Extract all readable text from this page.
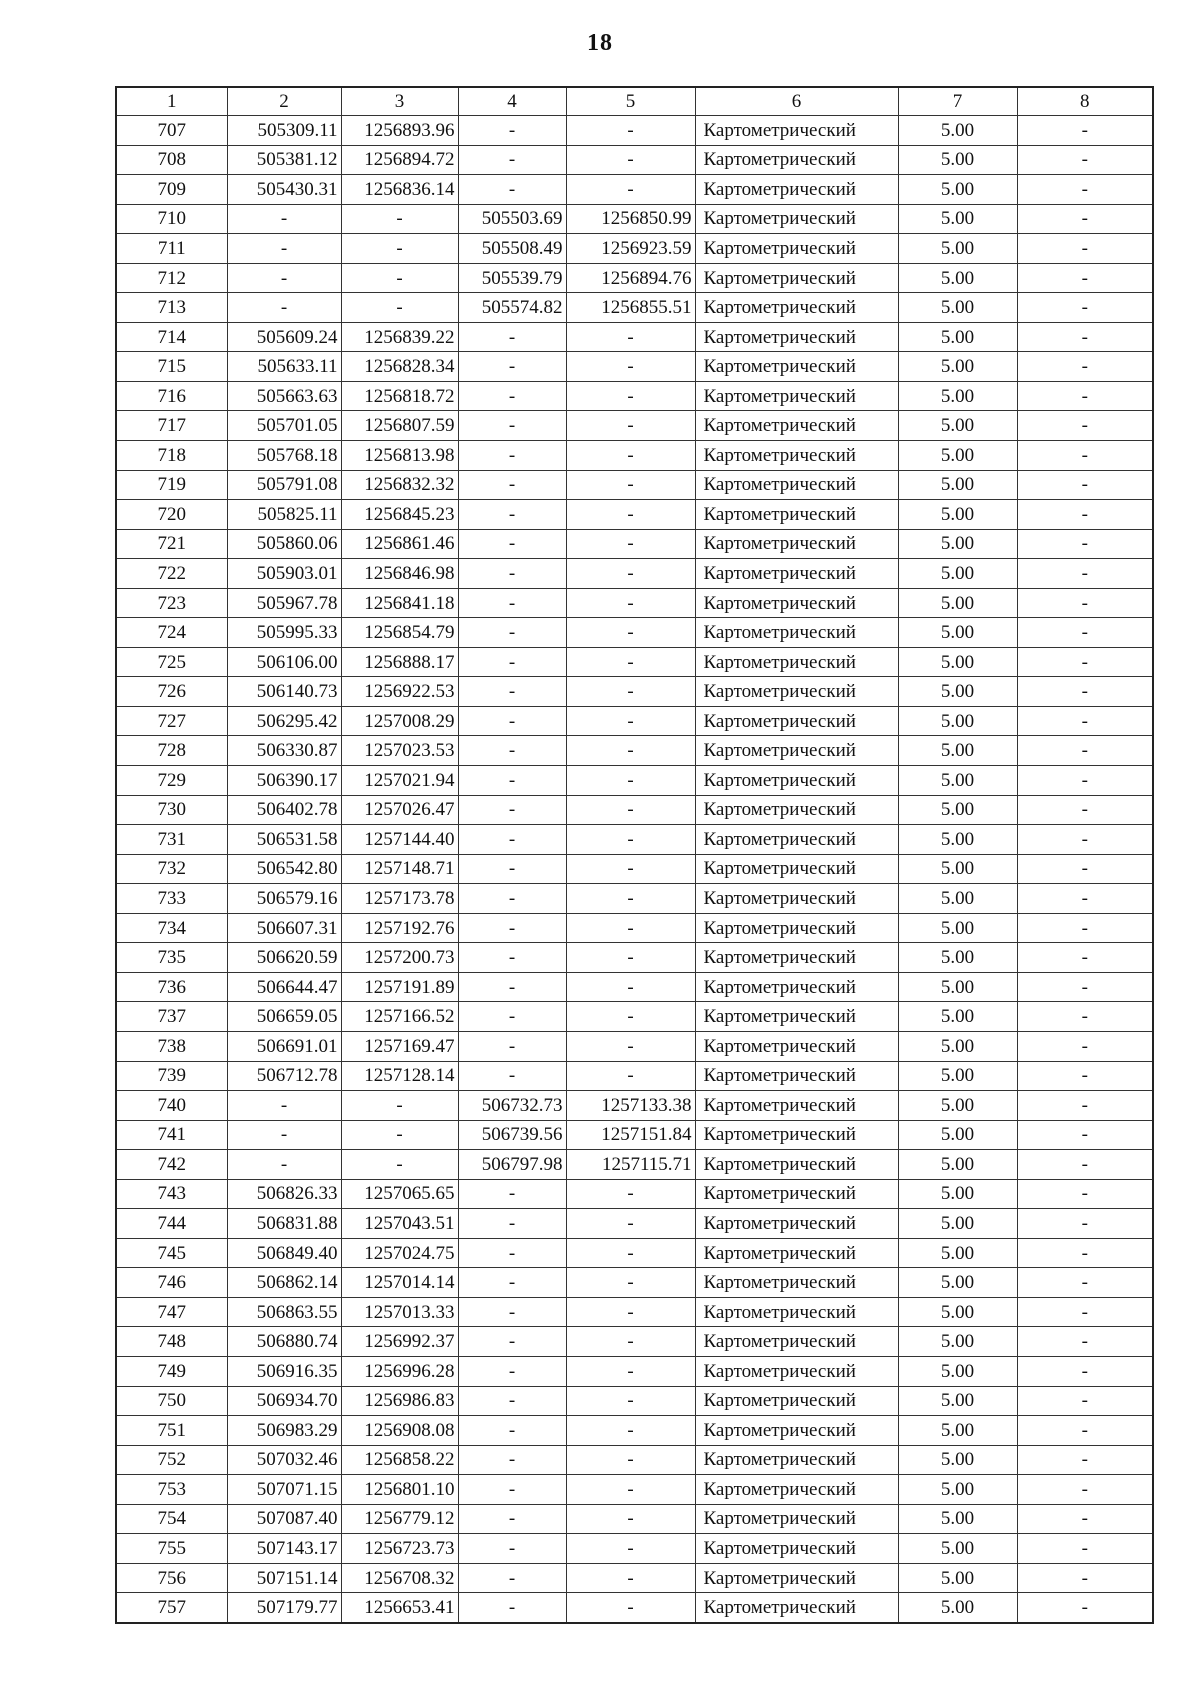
18
1	2	3	4	5	6	7	8
707	505309.11	1256893.96	-	-	Картометрический	5.00	-
708	505381.12	1256894.72	-	-	Картометрический	5.00	-
709	505430.31	1256836.14	-	-	Картометрический	5.00	-
710	-	-	505503.69	1256850.99	Картометрический	5.00	-
711	-	-	505508.49	1256923.59	Картометрический	5.00	-
712	-	-	505539.79	1256894.76	Картометрический	5.00	-
713	-	-	505574.82	1256855.51	Картометрический	5.00	-
714	505609.24	1256839.22	-	-	Картометрический	5.00	-
715	505633.11	1256828.34	-	-	Картометрический	5.00	-
716	505663.63	1256818.72	-	-	Картометрический	5.00	-
717	505701.05	1256807.59	-	-	Картометрический	5.00	-
718	505768.18	1256813.98	-	-	Картометрический	5.00	-
719	505791.08	1256832.32	-	-	Картометрический	5.00	-
720	505825.11	1256845.23	-	-	Картометрический	5.00	-
721	505860.06	1256861.46	-	-	Картометрический	5.00	-
722	505903.01	1256846.98	-	-	Картометрический	5.00	-
723	505967.78	1256841.18	-	-	Картометрический	5.00	-
724	505995.33	1256854.79	-	-	Картометрический	5.00	-
725	506106.00	1256888.17	-	-	Картометрический	5.00	-
726	506140.73	1256922.53	-	-	Картометрический	5.00	-
727	506295.42	1257008.29	-	-	Картометрический	5.00	-
728	506330.87	1257023.53	-	-	Картометрический	5.00	-
729	506390.17	1257021.94	-	-	Картометрический	5.00	-
730	506402.78	1257026.47	-	-	Картометрический	5.00	-
731	506531.58	1257144.40	-	-	Картометрический	5.00	-
732	506542.80	1257148.71	-	-	Картометрический	5.00	-
733	506579.16	1257173.78	-	-	Картометрический	5.00	-
734	506607.31	1257192.76	-	-	Картометрический	5.00	-
735	506620.59	1257200.73	-	-	Картометрический	5.00	-
736	506644.47	1257191.89	-	-	Картометрический	5.00	-
737	506659.05	1257166.52	-	-	Картометрический	5.00	-
738	506691.01	1257169.47	-	-	Картометрический	5.00	-
739	506712.78	1257128.14	-	-	Картометрический	5.00	-
740	-	-	506732.73	1257133.38	Картометрический	5.00	-
741	-	-	506739.56	1257151.84	Картометрический	5.00	-
742	-	-	506797.98	1257115.71	Картометрический	5.00	-
743	506826.33	1257065.65	-	-	Картометрический	5.00	-
744	506831.88	1257043.51	-	-	Картометрический	5.00	-
745	506849.40	1257024.75	-	-	Картометрический	5.00	-
746	506862.14	1257014.14	-	-	Картометрический	5.00	-
747	506863.55	1257013.33	-	-	Картометрический	5.00	-
748	506880.74	1256992.37	-	-	Картометрический	5.00	-
749	506916.35	1256996.28	-	-	Картометрический	5.00	-
750	506934.70	1256986.83	-	-	Картометрический	5.00	-
751	506983.29	1256908.08	-	-	Картометрический	5.00	-
752	507032.46	1256858.22	-	-	Картометрический	5.00	-
753	507071.15	1256801.10	-	-	Картометрический	5.00	-
754	507087.40	1256779.12	-	-	Картометрический	5.00	-
755	507143.17	1256723.73	-	-	Картометрический	5.00	-
756	507151.14	1256708.32	-	-	Картометрический	5.00	-
757	507179.77	1256653.41	-	-	Картометрический	5.00	-
